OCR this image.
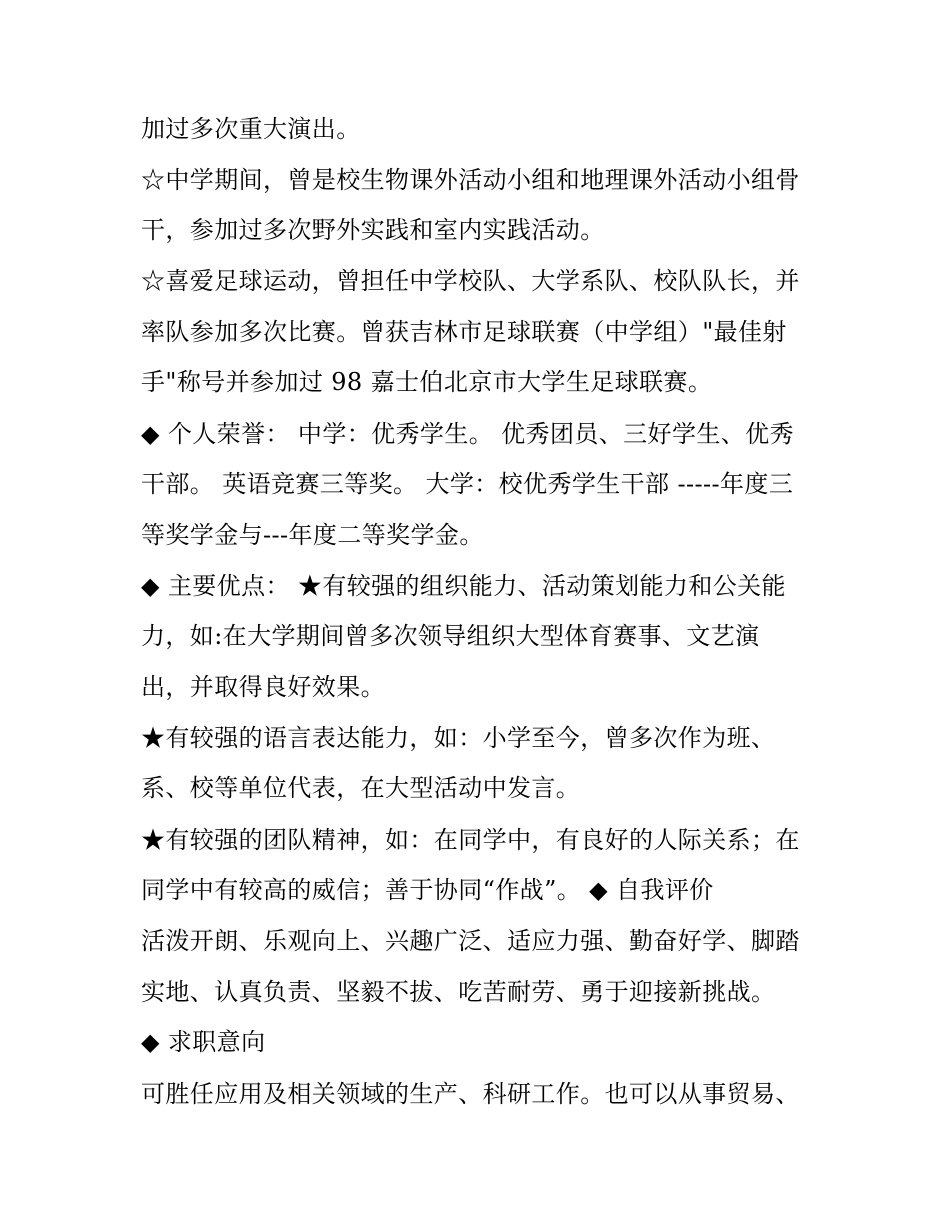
加过多次重大演出。
☆中学期间，曾是校生物课外活动小组和地理课外活动小组骨
干，参加过多次野外实践和室内实践活动。
☆喜爱足球运动，曾担任中学校队、大学系队、校队队长，并
率队参加多次比赛。曾获吉林市足球联赛（中学组）"最佳射
手"称号并参加过 98 嘉士伯北京市大学生足球联赛。
◆ 个人荣誉： 中学：优秀学生。 优秀团员、三好学生、优秀
干部。 英语竞赛三等奖。 大学：校优秀学生干部 -----年度三
等奖学金与---年度二等奖学金。
◆ 主要优点： ★有较强的组织能力、活动策划能力和公关能
力，如:在大学期间曾多次领导组织大型体育赛事、文艺演
出，并取得良好效果。
★有较强的语言表达能力，如：小学至今，曾多次作为班、
系、校等单位代表，在大型活动中发言。
★有较强的团队精神，如：在同学中，有良好的人际关系；在
同学中有较高的威信；善于协同“作战”。 ◆ 自我评价
活泼开朗、乐观向上、兴趣广泛、适应力强、勤奋好学、脚踏
实地、认真负责、坚毅不拔、吃苦耐劳、勇于迎接新挑战。
◆ 求职意向
可胜任应用及相关领域的生产、科研工作。也可以从事贸易、
